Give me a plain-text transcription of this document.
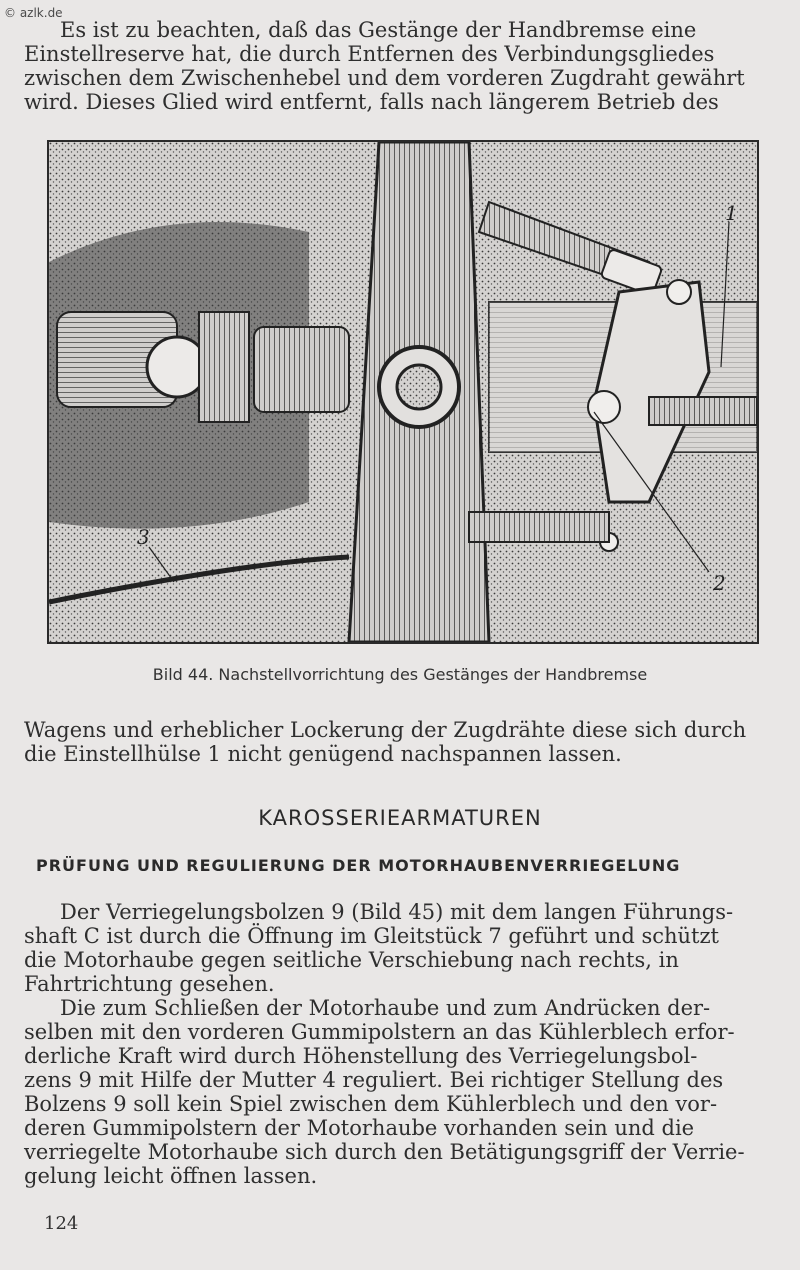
© azlk.de

Es ist zu beachten, daß das Gestänge der Handbremse eine
Einstellreserve hat, die durch Entfernen des Verbindungsgliedes
zwischen dem Zwischenhebel und dem vorderen Zugdraht gewährt
wird. Dieses Glied wird entfernt, falls nach längerem Betrieb des

1
2
3
Bild 44. Nachstellvorrichtung des Gestänges der Handbremse

Wagens und erheblicher Lockerung der Zugdrähte diese sich durch
die Einstellhülse 1 nicht genügend nachspannen lassen.

KAROSSERIEARMATUREN
PRÜFUNG UND REGULIERUNG DER MOTORHAUBENVERRIEGELUNG

Der Verriegelungsbolzen 9 (Bild 45) mit dem langen Führungs-
shaft C ist durch die Öffnung im Gleitstück 7 geführt und schützt
die Motorhaube gegen seitliche Verschiebung nach rechts, in
Fahrtrichtung gesehen.

Die zum Schließen der Motorhaube und zum Andrücken der-
selben mit den vorderen Gummipolstern an das Kühlerblech erfor-
derliche Kraft wird durch Höhenstellung des Verriegelungsbol-
zens 9 mit Hilfe der Mutter 4 reguliert. Bei richtiger Stellung des
Bolzens 9 soll kein Spiel zwischen dem Kühlerblech und den vor-
deren Gummipolstern der Motorhaube vorhanden sein und die
verriegelte Motorhaube sich durch den Betätigungsgriff der Verrie-
gelung leicht öffnen lassen.

124
